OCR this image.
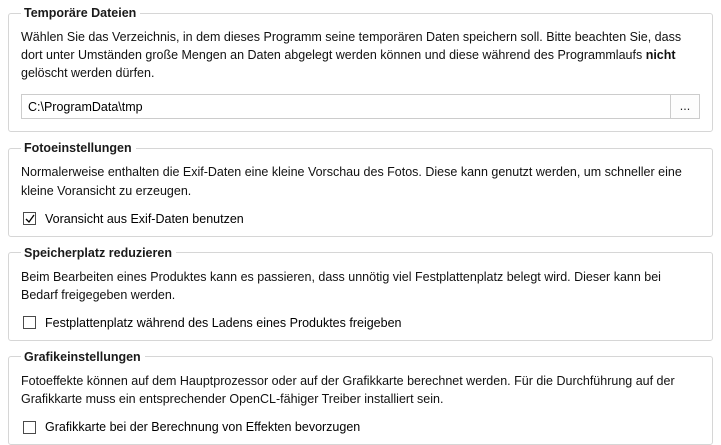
Temporäre Dateien
Wählen Sie das Verzeichnis, in dem dieses Programm seine temporären Daten speichern soll. Bitte beachten Sie, dass dort unter Umständen große Mengen an Daten abgelegt werden können und diese während des Programmlaufs nicht gelöscht werden dürfen.
C:\ProgramData\tmp
...
Fotoeinstellungen
Normalerweise enthalten die Exif-Daten eine kleine Vorschau des Fotos. Diese kann genutzt werden, um schneller eine kleine Voransicht zu erzeugen.
Voransicht aus Exif-Daten benutzen
Speicherplatz reduzieren
Beim Bearbeiten eines Produktes kann es passieren, dass unnötig viel Festplattenplatz belegt wird. Dieser kann bei Bedarf freigegeben werden.
Festplattenplatz während des Ladens eines Produktes freigeben
Grafikeinstellungen
Fotoeffekte können auf dem Hauptprozessor oder auf der Grafikkarte berechnet werden. Für die Durchführung auf der Grafikkarte muss ein entsprechender OpenCL-fähiger Treiber installiert sein.
Grafikkarte bei der Berechnung von Effekten bevorzugen
